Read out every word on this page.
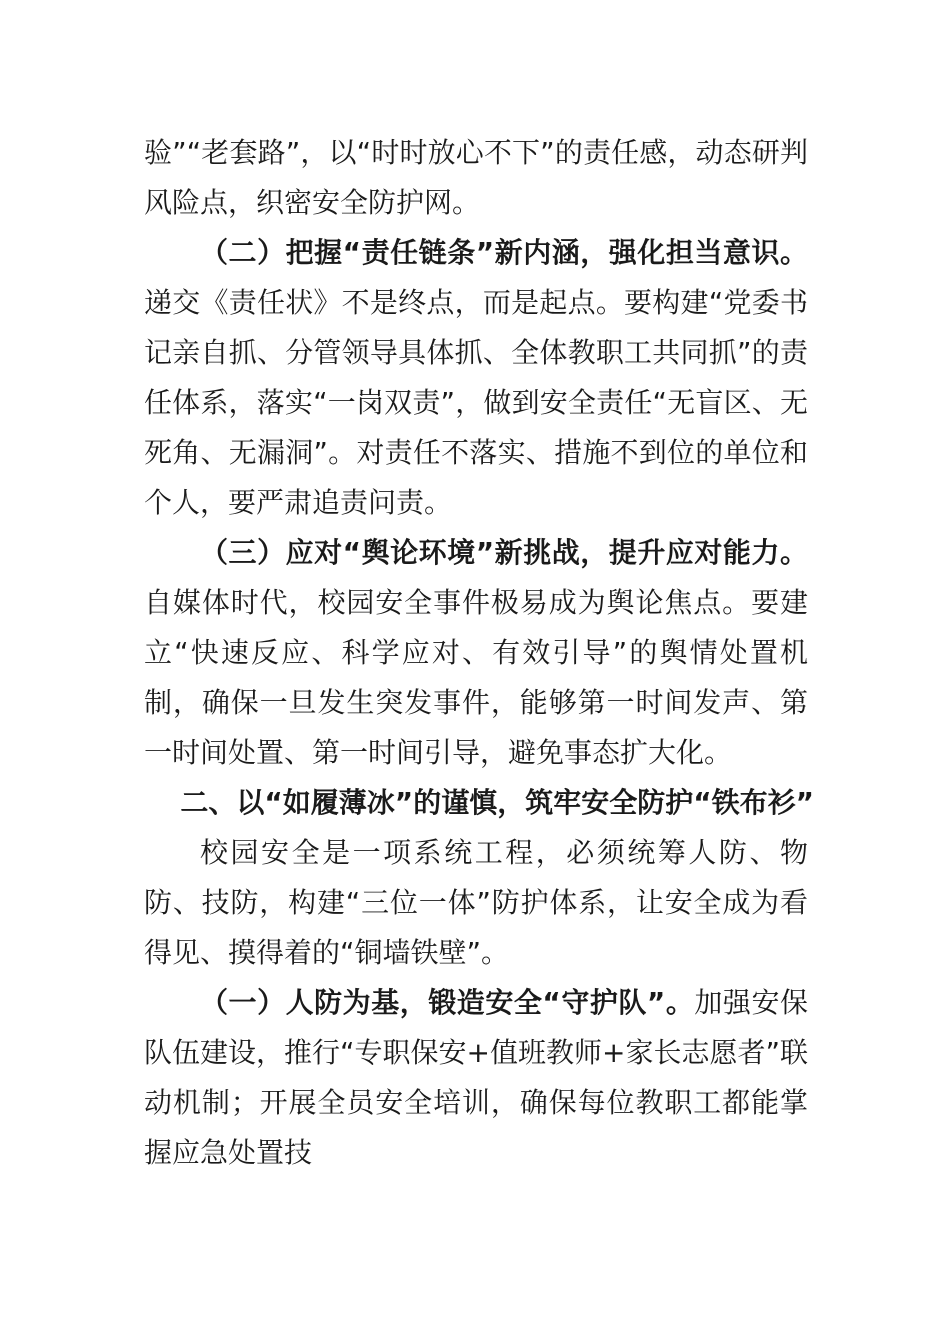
验”“老套路”，以“时时放心不下”的责任感，动态研判风险点，织密安全防护网。

（二）把握“责任链条”新内涵，强化担当意识。递交《责任状》不是终点，而是起点。要构建“党委书记亲自抓、分管领导具体抓、全体教职工共同抓”的责任体系，落实“一岗双责”，做到安全责任“无盲区、无死角、无漏洞”。对责任不落实、措施不到位的单位和个人，要严肃追责问责。

（三）应对“舆论环境”新挑战，提升应对能力。自媒体时代，校园安全事件极易成为舆论焦点。要建立“快速反应、科学应对、有效引导”的舆情处置机制，确保一旦发生突发事件，能够第一时间发声、第一时间处置、第一时间引导，避免事态扩大化。

二、以“如履薄冰”的谨慎，筑牢安全防护“铁布衫”

校园安全是一项系统工程，必须统筹人防、物防、技防，构建“三位一体”防护体系，让安全成为看得见、摸得着的“铜墙铁壁”。

（一）人防为基，锻造安全“守护队”。加强安保队伍建设，推行“专职保安+值班教师+家长志愿者”联动机制；开展全员安全培训，确保每位教职工都能掌握应急处置技
